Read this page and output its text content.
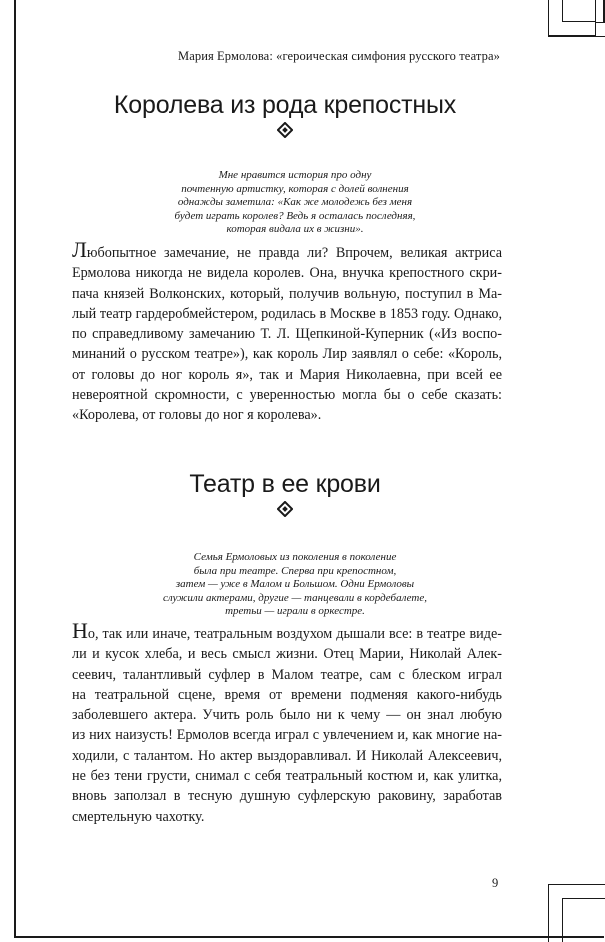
Мария Ермолова: «героическая симфония русского театра»
Королева из рода крепостных
Мне нравится история про одну
почтенную артистку, которая с долей волнения
однажды заметила: «Как же молодежь без меня
будет играть королев? Ведь я осталась последняя,
которая видала их в жизни».
Любопытное замечание, не правда ли? Впрочем, великая актриса
Ермолова никогда не видела королев. Она, внучка крепостного скри-
пача князей Волконских, который, получив вольную, поступил в Ма-
лый театр гардеробмейстером, родилась в Москве в 1853 году. Однако,
по справедливому замечанию Т. Л. Щепкиной-Куперник («Из воспо-
минаний о русском театре»), как король Лир заявлял о себе: «Король,
от головы до ног король я», так и Мария Николаевна, при всей ее
невероятной скромности, с уверенностью могла бы о себе сказать:
«Королева, от головы до ног я королева».
Театр в ее крови
Семья Ермоловых из поколения в поколение
была при театре. Сперва при крепостном,
затем — уже в Малом и Большом. Одни Ермоловы
служили актерами, другие — танцевали в кордебалете,
третьи — играли в оркестре.
Но, так или иначе, театральным воздухом дышали все: в театре виде-
ли и кусок хлеба, и весь смысл жизни. Отец Марии, Николай Алек-
сеевич, талантливый суфлер в Малом театре, сам с блеском играл
на театральной сцене, время от времени подменяя какого-нибудь
заболевшего актера. Учить роль было ни к чему — он знал любую
из них наизусть! Ермолов всегда играл с увлечением и, как многие на-
ходили, с талантом. Но актер выздоравливал. И Николай Алексеевич,
не без тени грусти, снимал с себя театральный костюм и, как улитка,
вновь заползал в тесную душную суфлерскую раковину, заработав
смертельную чахотку.
9
